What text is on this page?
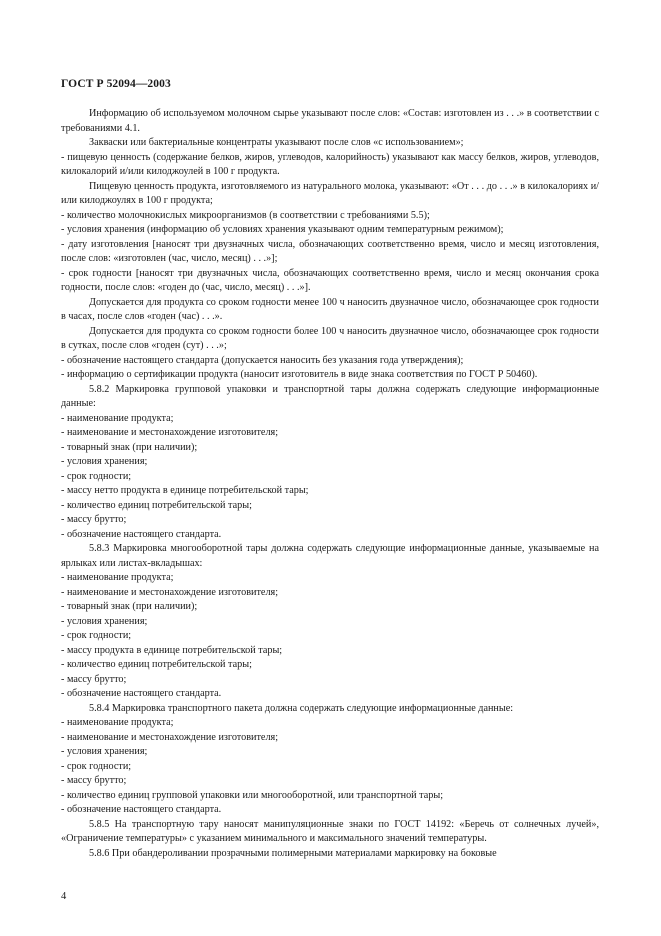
ГОСТ Р 52094—2003

Информацию об используемом молочном сырье указывают после слов: «Состав: изготовлен из . . .» в соответствии с требованиями 4.1.

Закваски или бактериальные концентраты указывают после слов «с использованием»;

- пищевую ценность (содержание белков, жиров, углеводов, калорийность) указывают как массу белков, жиров, углеводов, килокалорий и/или килоджоулей в 100 г продукта.

Пищевую ценность продукта, изготовляемого из натурального молока, указывают: «От . . . до . . .» в килокалориях и/или килоджоулях в 100 г продукта;

- количество молочнокислых микроорганизмов (в соответствии с требованиями 5.5);

- условия хранения (информацию об условиях хранения указывают одним температурным режимом);

- дату изготовления [наносят три двузначных числа, обозначающих соответственно время, число и месяц изготовления, после слов: «изготовлен (час, число, месяц) . . .»];

- срок годности [наносят три двузначных числа, обозначающих соответственно время, число и месяц окончания срока годности, после слов: «годен до (час, число, месяц) . . .»].

Допускается для продукта со сроком годности менее 100 ч наносить двузначное число, обозначающее срок годности в часах, после слов «годен (час) . . .».

Допускается для продукта со сроком годности более 100 ч наносить двузначное число, обозначающее срок годности в сутках, после слов «годен (сут) . . .»;

- обозначение настоящего стандарта (допускается наносить без указания года утверждения);

- информацию о сертификации продукта (наносит изготовитель в виде знака соответствия по ГОСТ Р 50460).

5.8.2 Маркировка групповой упаковки и транспортной тары должна содержать следующие информационные данные:

- наименование продукта;

- наименование и местонахождение изготовителя;

- товарный знак (при наличии);

- условия хранения;

- срок годности;

- массу нетто продукта в единице потребительской тары;

- количество единиц потребительской тары;

- массу брутто;

- обозначение настоящего стандарта.

5.8.3 Маркировка многооборотной тары должна содержать следующие информационные данные, указываемые на ярлыках или листах-вкладышах:

- наименование продукта;

- наименование и местонахождение изготовителя;

- товарный знак (при наличии);

- условия хранения;

- срок годности;

- массу продукта в единице потребительской тары;

- количество единиц потребительской тары;

- массу брутто;

- обозначение настоящего стандарта.

5.8.4 Маркировка транспортного пакета должна содержать следующие информационные данные:

- наименование продукта;

- наименование и местонахождение изготовителя;

- условия хранения;

- срок годности;

- массу брутто;

- количество единиц групповой упаковки или многооборотной, или транспортной тары;

- обозначение настоящего стандарта.

5.8.5 На транспортную тару наносят манипуляционные знаки по ГОСТ 14192: «Беречь от солнечных лучей», «Ограничение температуры» с указанием минимального и максимального значений температуры.

5.8.6 При обандероливании прозрачными полимерными материалами маркировку на боковые

4
